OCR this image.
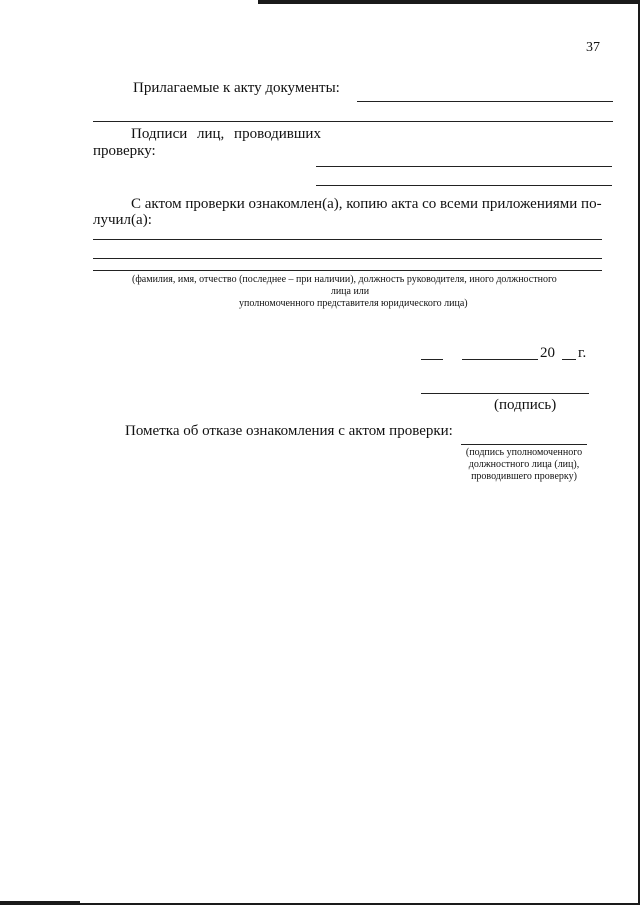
37
Прилагаемые к акту документы:
Подписи лиц, проводивших
проверку:
С актом проверки ознакомлен(а), копию акта со всеми приложениями по-
лучил(а):
(фамилия, имя, отчество (последнее – при наличии), должность руководителя, иного должностного
лица или
уполномоченного представителя юридического лица)
20 г.
(подпись)
Пометка об отказе ознакомления с актом проверки:
(подпись уполномоченного
должностного лица (лиц),
проводившего проверку)
